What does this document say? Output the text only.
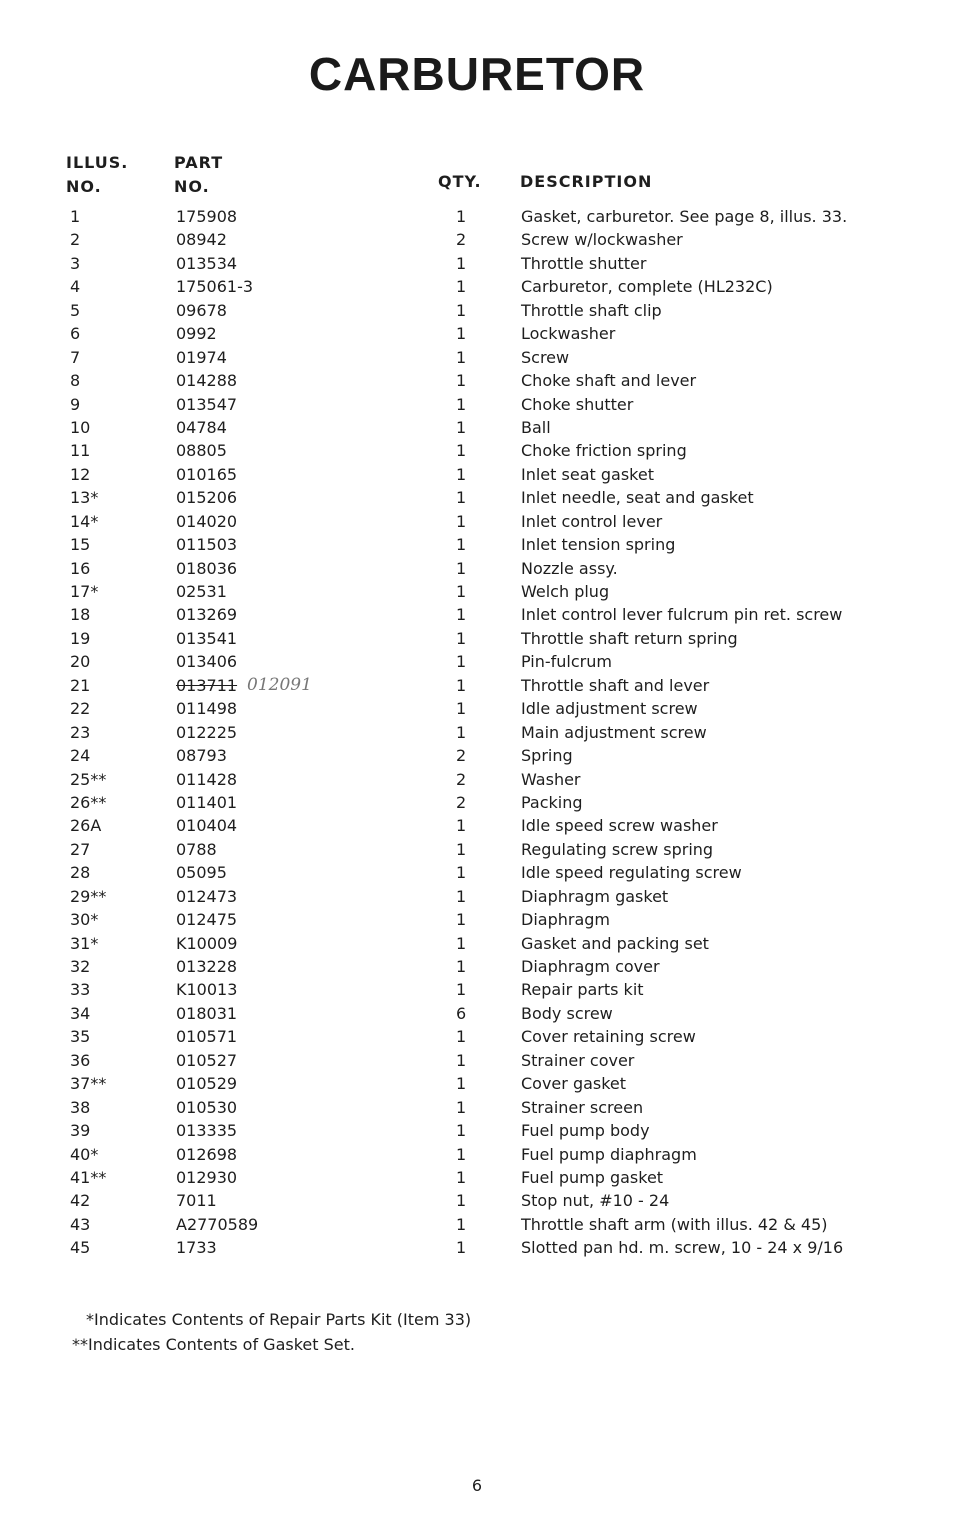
CARBURETOR
ILLUS.
NO.
PART
NO.	QTY. DESCRIPTION
1	175908	1	Gasket, carburetor. See page 8, illus. 33.
2	08942	2	Screw w/lockwasher
3	013534	1	Throttle shutter
4	175061-3	1	Carburetor, complete (HL232C)
5	09678	1	Throttle shaft clip
6	0992	1	Lockwasher
7	01974	1	Screw
8	014288	1	Choke shaft and lever
9	013547	1	Choke shutter
10	04784	1	Ball
11	08805	1	Choke friction spring
12	010165	1	Inlet seat gasket
13*	015206	1	Inlet needle, seat and gasket
14*	014020	1	Inlet control lever
15	011503	1	Inlet tension spring
16	018036	1	Nozzle assy.
17*	02531	1	Welch plug
18	013269	1	Inlet control lever fulcrum pin ret. screw
19	013541	1	Throttle shaft return spring
20	013406	1	Pin-fulcrum
21	013711	1	Throttle shaft and lever
012091
22	011498	1	Idle adjustment screw
23	012225	1	Main adjustment screw
24	08793	2	Spring
25**	011428	2	Washer
26**	011401	2	Packing
26A	010404	1	Idle speed screw washer
27	0788	1	Regulating screw spring
28	05095	1	Idle speed regulating screw
29**	012473	1	Diaphragm gasket
30*	012475	1	Diaphragm
31*	K10009	1	Gasket and packing set
32	013228	1	Diaphragm cover
33	K10013	1	Repair parts kit
34	018031	6	Body screw
35	010571	1	Cover retaining screw
36	010527	1	Strainer cover
37**	010529	1	Cover gasket
38	010530	1	Strainer screen
39	013335	1	Fuel pump body
40*	012698	1	Fuel pump diaphragm
41**	012930	1	Fuel pump gasket
42	7011	1	Stop nut, #10 - 24
43	A2770589	1	Throttle shaft arm (with illus. 42 & 45)
45	1733	1	Slotted pan hd. m. screw, 10 - 24 x 9/16
*Indicates Contents of Repair Parts Kit (Item 33)
**Indicates Contents of Gasket Set.
6
